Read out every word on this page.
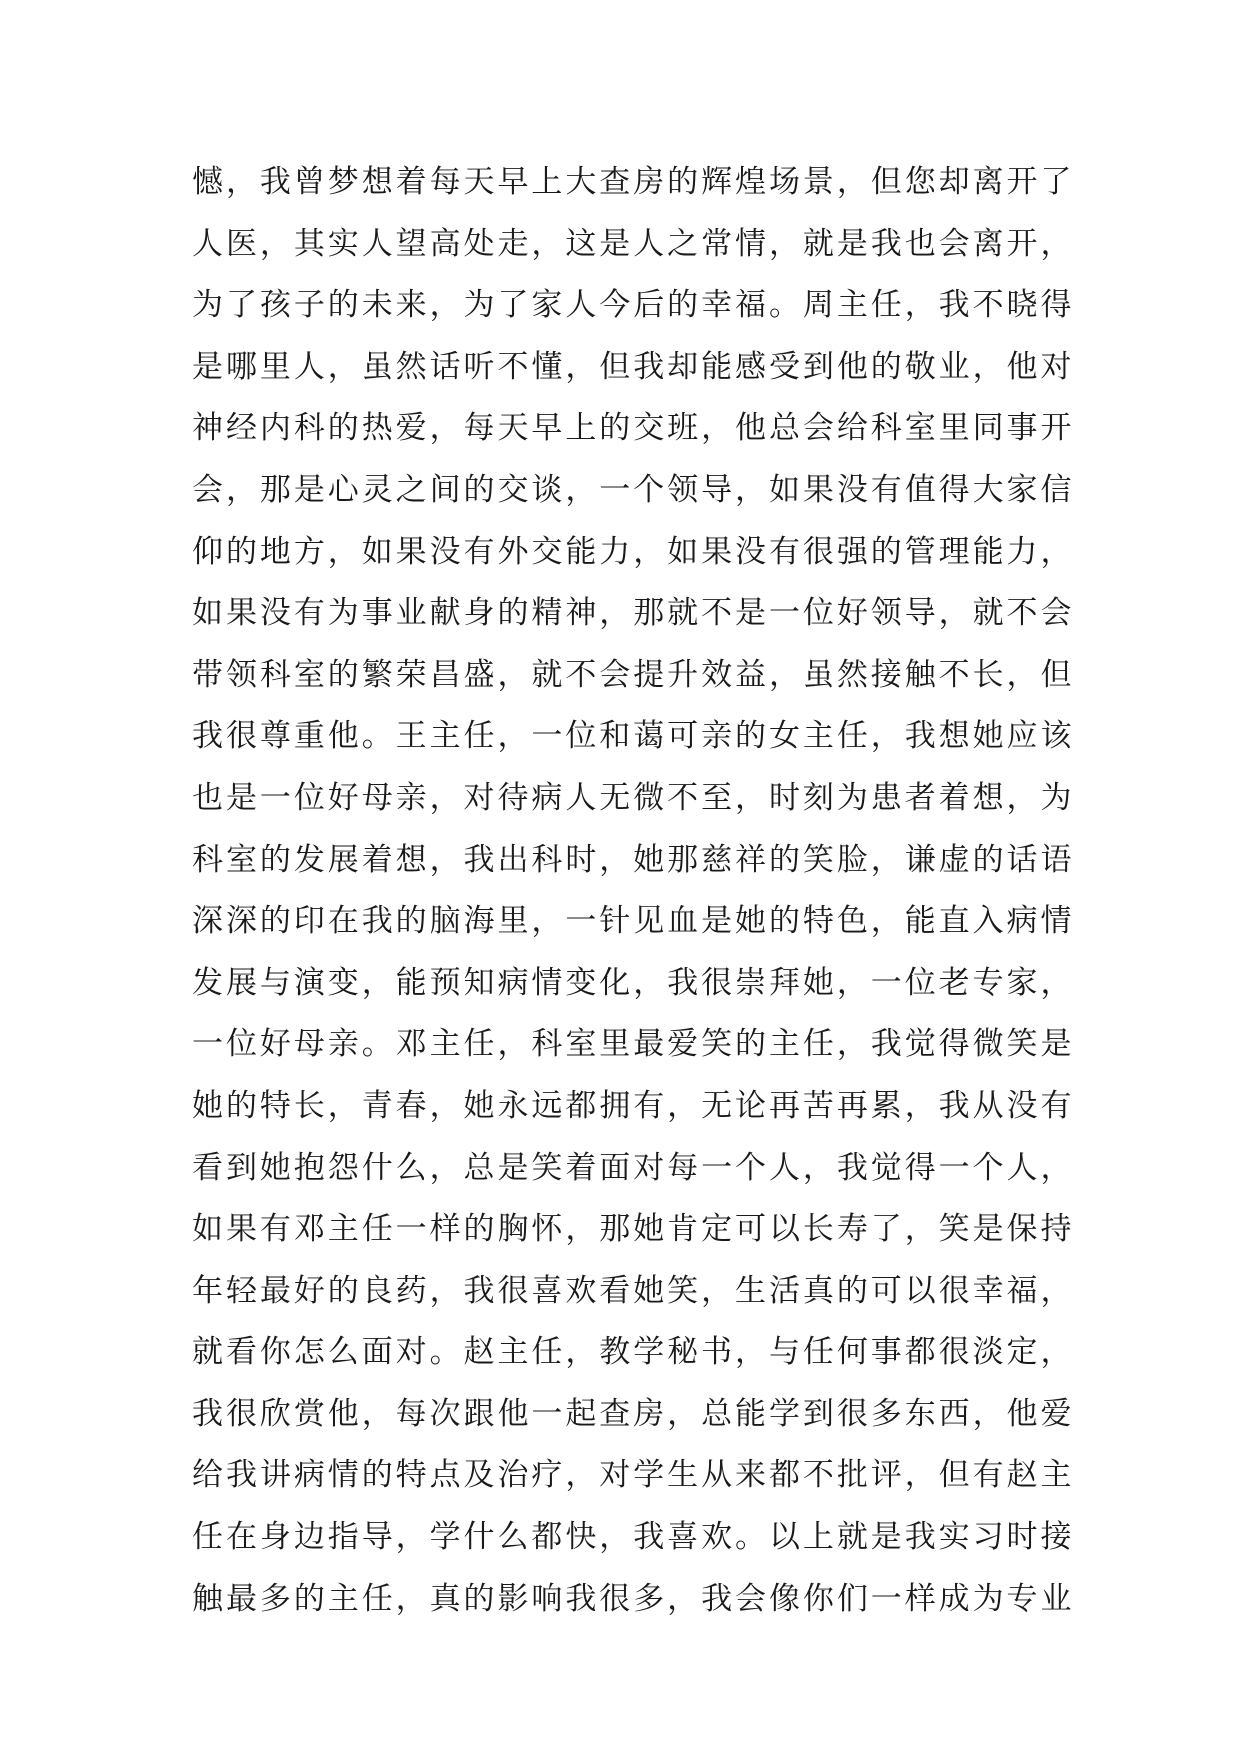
憾，我曾梦想着每天早上大查房的辉煌场景，但您却离开了
人医，其实人望高处走，这是人之常情，就是我也会离开，
为了孩子的未来，为了家人今后的幸福。周主任，我不晓得
是哪里人，虽然话听不懂，但我却能感受到他的敬业，他对
神经内科的热爱，每天早上的交班，他总会给科室里同事开
会，那是心灵之间的交谈，一个领导，如果没有值得大家信
仰的地方，如果没有外交能力，如果没有很强的管理能力，
如果没有为事业献身的精神，那就不是一位好领导，就不会
带领科室的繁荣昌盛，就不会提升效益，虽然接触不长，但
我很尊重他。王主任，一位和蔼可亲的女主任，我想她应该
也是一位好母亲，对待病人无微不至，时刻为患者着想，为
科室的发展着想，我出科时，她那慈祥的笑脸，谦虚的话语
深深的印在我的脑海里，一针见血是她的特色，能直入病情
发展与演变，能预知病情变化，我很崇拜她，一位老专家，
一位好母亲。邓主任，科室里最爱笑的主任，我觉得微笑是
她的特长，青春，她永远都拥有，无论再苦再累，我从没有
看到她抱怨什么，总是笑着面对每一个人，我觉得一个人，
如果有邓主任一样的胸怀，那她肯定可以长寿了，笑是保持
年轻最好的良药，我很喜欢看她笑，生活真的可以很幸福，
就看你怎么面对。赵主任，教学秘书，与任何事都很淡定，
我很欣赏他，每次跟他一起查房，总能学到很多东西，他爱
给我讲病情的特点及治疗，对学生从来都不批评，但有赵主
任在身边指导，学什么都快，我喜欢。以上就是我实习时接
触最多的主任，真的影响我很多，我会像你们一样成为专业
